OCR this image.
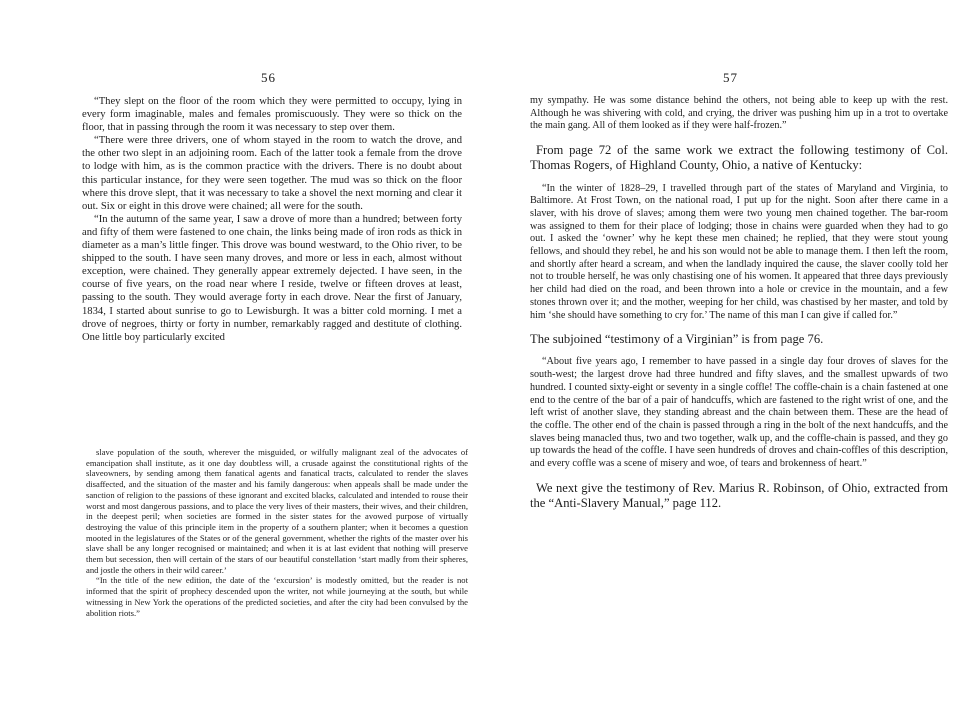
56

“They slept on the floor of the room which they were permitted to occupy, lying in every form imaginable, males and females promiscuously. They were so thick on the floor, that in passing through the room it was necessary to step over them.

“There were three drivers, one of whom stayed in the room to watch the drove, and the other two slept in an adjoining room. Each of the latter took a female from the drove to lodge with him, as is the common practice with the drivers. There is no doubt about this particular instance, for they were seen together. The mud was so thick on the floor where this drove slept, that it was necessary to take a shovel the next morning and clear it out. Six or eight in this drove were chained; all were for the south.

“In the autumn of the same year, I saw a drove of more than a hundred; between forty and fifty of them were fastened to one chain, the links being made of iron rods as thick in diameter as a man’s little finger. This drove was bound westward, to the Ohio river, to be shipped to the south. I have seen many droves, and more or less in each, almost without exception, were chained. They generally appear extremely dejected. I have seen, in the course of five years, on the road near where I reside, twelve or fifteen droves at least, passing to the south. They would average forty in each drove. Near the first of January, 1834, I started about sunrise to go to Lewisburgh. It was a bitter cold morning. I met a drove of negroes, thirty or forty in number, remarkably ragged and destitute of clothing. One little boy particularly excited

slave population of the south, wherever the misguided, or wilfully malignant zeal of the advocates of emancipation shall institute, as it one day doubtless will, a crusade against the constitutional rights of the slaveowners, by sending among them fanatical agents and fanatical tracts, calculated to render the slaves disaffected, and the situation of the master and his family dangerous: when appeals shall be made under the sanction of religion to the passions of these ignorant and excited blacks, calculated and intended to rouse their worst and most dangerous passions, and to place the very lives of their masters, their wives, and their children, in the deepest peril; when societies are formed in the sister states for the avowed purpose of virtually destroying the value of this principle item in the property of a southern planter; when it becomes a question mooted in the legislatures of the States or of the general government, whether the rights of the master over his slave shall be any longer recognised or maintained; and when it is at last evident that nothing will preserve them but secession, then will certain of the stars of our beautiful constellation ‘start madly from their spheres, and jostle the others in their wild career.’

“In the title of the new edition, the date of the ‘excursion’ is modestly omitted, but the reader is not informed that the spirit of prophecy descended upon the writer, not while journeying at the south, but while witnessing in New York the operations of the predicted societies, and after the city had been convulsed by the abolition riots.”

57

my sympathy. He was some distance behind the others, not being able to keep up with the rest. Although he was shivering with cold, and crying, the driver was pushing him up in a trot to overtake the main gang. All of them looked as if they were half-frozen.”

From page 72 of the same work we extract the following testimony of Col. Thomas Rogers, of Highland County, Ohio, a native of Kentucky:

“In the winter of 1828–29, I travelled through part of the states of Maryland and Virginia, to Baltimore. At Frost Town, on the national road, I put up for the night. Soon after there came in a slaver, with his drove of slaves; among them were two young men chained together. The bar-room was assigned to them for their place of lodging; those in chains were guarded when they had to go out. I asked the ‘owner’ why he kept these men chained; he replied, that they were stout young fellows, and should they rebel, he and his son would not be able to manage them. I then left the room, and shortly after heard a scream, and when the landlady inquired the cause, the slaver coolly told her not to trouble herself, he was only chastising one of his women. It appeared that three days previously her child had died on the road, and been thrown into a hole or crevice in the mountain, and a few stones thrown over it; and the mother, weeping for her child, was chastised by her master, and told by him ‘she should have something to cry for.’ The name of this man I can give if called for.”

The subjoined “testimony of a Virginian” is from page 76.

“About five years ago, I remember to have passed in a single day four droves of slaves for the south-west; the largest drove had three hundred and fifty slaves, and the smallest upwards of two hundred. I counted sixty-eight or seventy in a single coffle! The coffle-chain is a chain fastened at one end to the centre of the bar of a pair of handcuffs, which are fastened to the right wrist of one, and the left wrist of another slave, they standing abreast and the chain between them. These are the head of the coffle. The other end of the chain is passed through a ring in the bolt of the next handcuffs, and the slaves being manacled thus, two and two together, walk up, and the coffle-chain is passed, and they go up towards the head of the coffle. I have seen hundreds of droves and chain-coffles of this description, and every coffle was a scene of misery and woe, of tears and brokenness of heart.”

We next give the testimony of Rev. Marius R. Robinson, of Ohio, extracted from the “Anti-Slavery Manual,” page 112.
